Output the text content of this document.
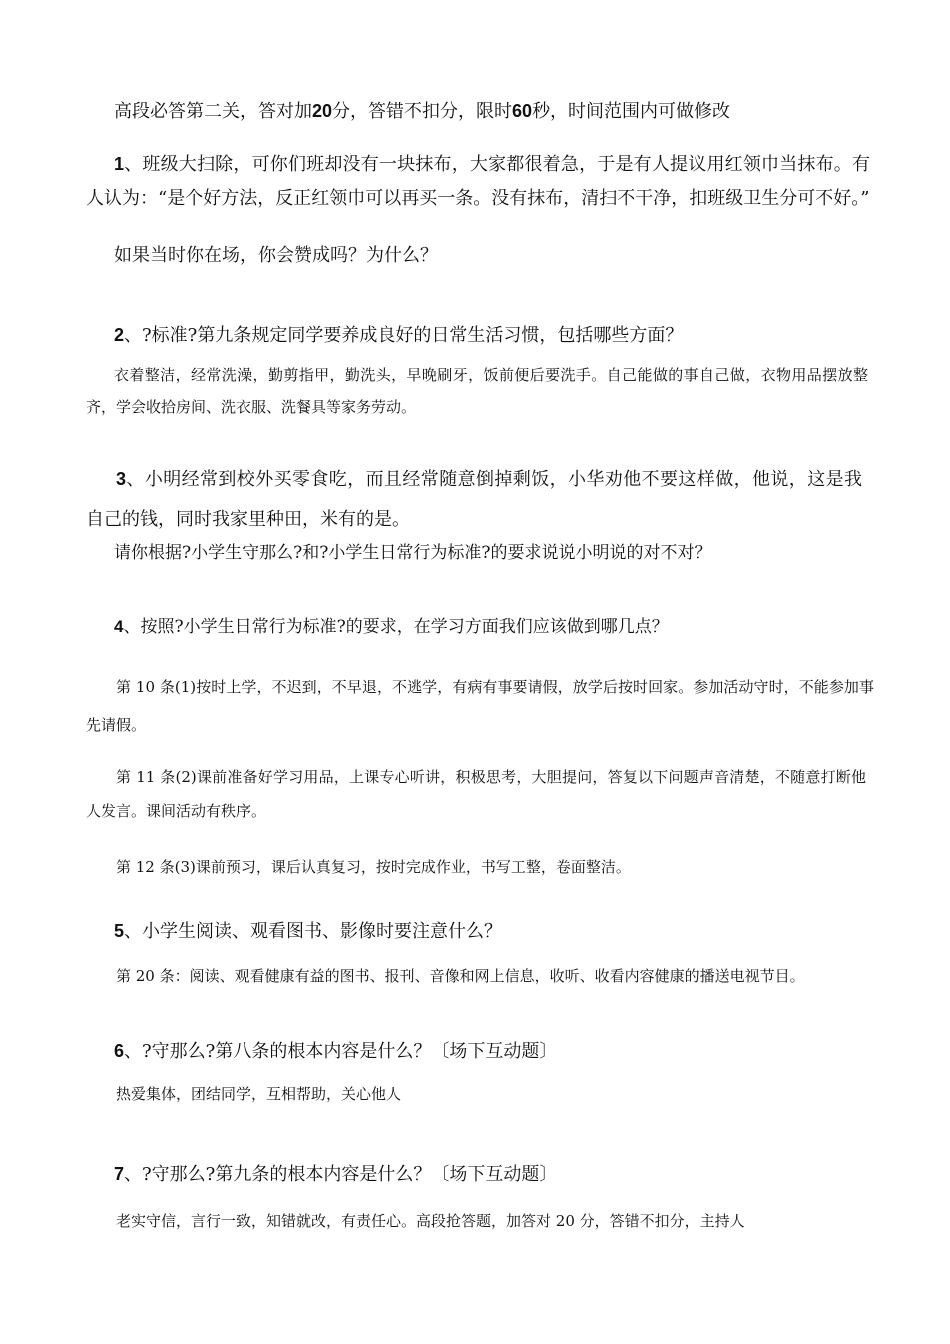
高段必答第二关，答对加20分，答错不扣分，限时60秒，时间范围内可做修改

1、班级大扫除，可你们班却没有一块抹布，大家都很着急，于是有人提议用红领巾当抹布。有人认为：“是个好方法，反正红领巾可以再买一条。没有抹布，清扫不干净，扣班级卫生分可不好。”

如果当时你在场，你会赞成吗？为什么？

2、?标准?第九条规定同学要养成良好的日常生活习惯，包括哪些方面？

衣着整洁，经常洗澡，勤剪指甲，勤洗头，早晚刷牙，饭前便后要洗手。自己能做的事自己做，衣物用品摆放整齐，学会收拾房间、洗衣服、洗餐具等家务劳动。

3、小明经常到校外买零食吃，而且经常随意倒掉剩饭，小华劝他不要这样做，他说，这是我自己的钱，同时我家里种田，米有的是。

请你根据?小学生守那么?和?小学生日常行为标准?的要求说说小明说的对不对？

4、按照?小学生日常行为标准?的要求，在学习方面我们应该做到哪几点？

第 10 条(1)按时上学，不迟到，不早退，不逃学，有病有事要请假，放学后按时回家。参加活动守时，不能参加事先请假。

第 11 条(2)课前准备好学习用品，上课专心听讲，积极思考，大胆提问，答复以下问题声音清楚，不随意打断他人发言。课间活动有秩序。

第 12 条(3)课前预习，课后认真复习，按时完成作业，书写工整，卷面整洁。

5、小学生阅读、观看图书、影像时要注意什么？

第 20 条：阅读、观看健康有益的图书、报刊、音像和网上信息，收听、收看内容健康的播送电视节目。

6、?守那么?第八条的根本内容是什么？〔场下互动题〕

热爱集体，团结同学，互相帮助，关心他人

7、?守那么?第九条的根本内容是什么？〔场下互动题〕

老实守信，言行一致，知错就改，有责任心。高段抢答题，加答对 20 分，答错不扣分，主持人
